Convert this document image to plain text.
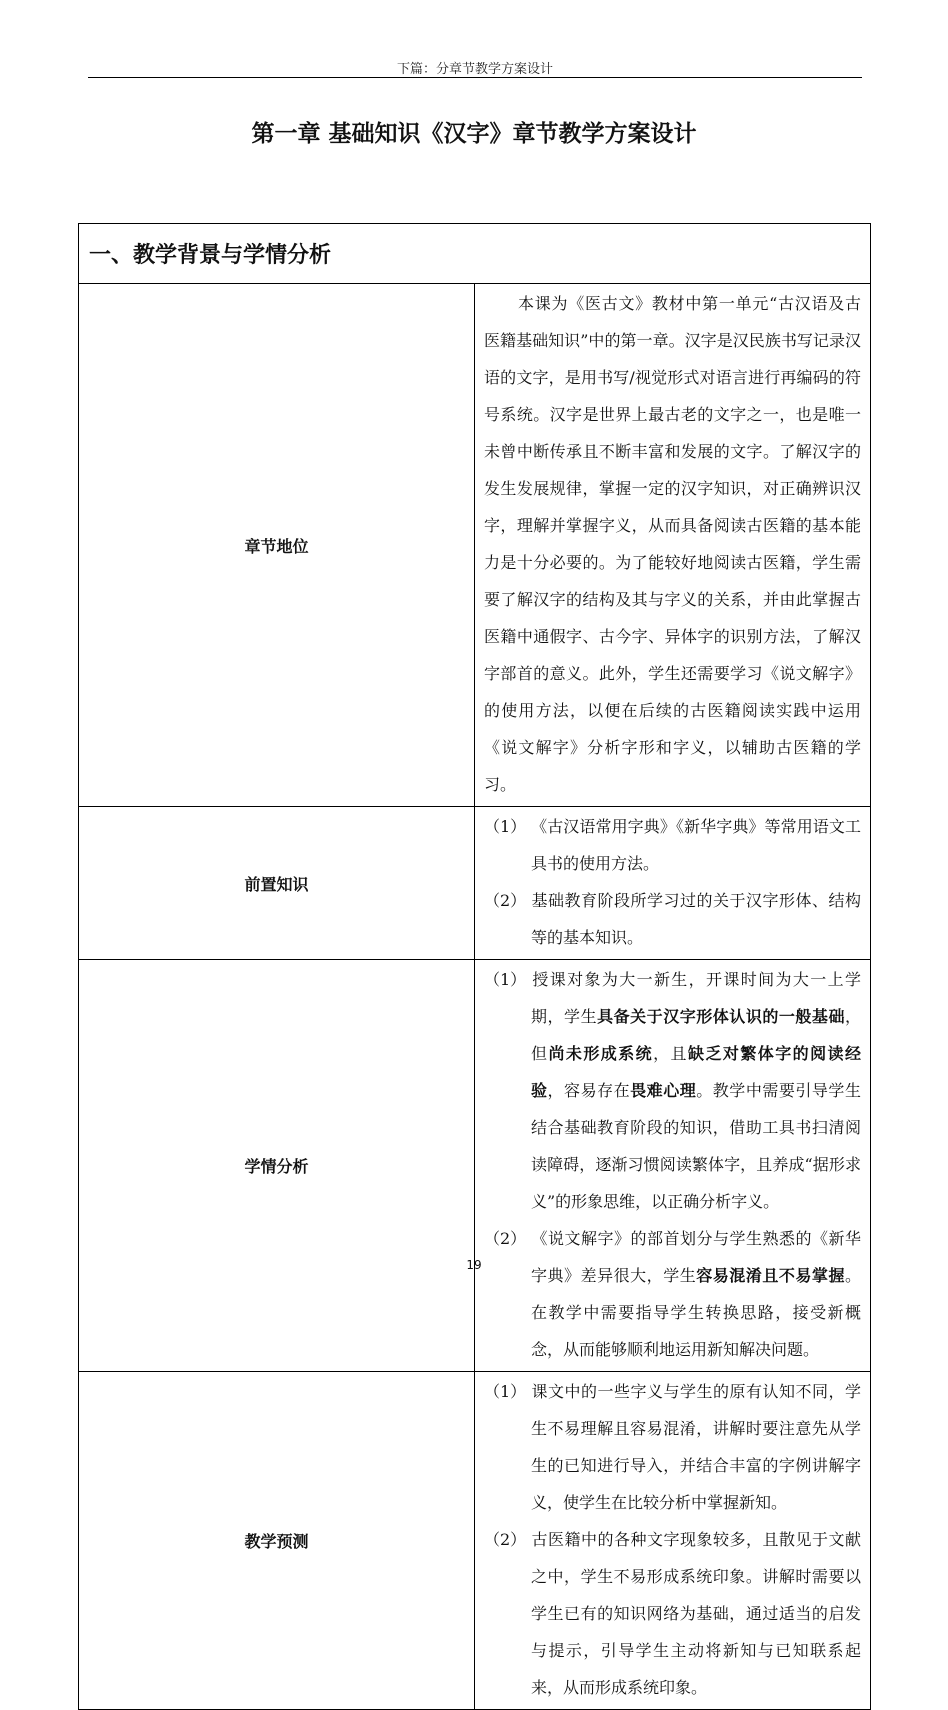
下篇：分章节教学方案设计
第一章 基础知识《汉字》章节教学方案设计
一、教学背景与学情分析	
章节地位	本课为《医古文》教材中第一单元“古汉语及古医籍基础知识”中的第一章。汉字是汉民族书写记录汉语的文字，是用书写/视觉形式对语言进行再编码的符号系统。汉字是世界上最古老的文字之一，也是唯一未曾中断传承且不断丰富和发展的文字。了解汉字的发生发展规律，掌握一定的汉字知识，对正确辨识汉字，理解并掌握字义，从而具备阅读古医籍的基本能力是十分必要的。为了能较好地阅读古医籍，学生需要了解汉字的结构及其与字义的关系，并由此掌握古医籍中通假字、古今字、异体字的识别方法，了解汉字部首的意义。此外，学生还需要学习《说文解字》的使用方法，以便在后续的古医籍阅读实践中运用《说文解字》分析字形和字义，以辅助古医籍的学习。

前置知识	（1） 《古汉语常用字典》《新华字典》等常用语文工具书的使用方法。

（2） 基础教育阶段所学习过的关于汉字形体、结构等的基本知识。

学情分析	（1） 授课对象为大一新生，开课时间为大一上学期，学生具备关于汉字形体认识的一般基础，但尚未形成系统，且缺乏对繁体字的阅读经验，容易存在畏难心理。教学中需要引导学生结合基础教育阶段的知识，借助工具书扫清阅读障碍，逐渐习惯阅读繁体字，且养成“据形求义”的形象思维，以正确分析字义。

（2） 《说文解字》的部首划分与学生熟悉的《新华字典》差异很大，学生容易混淆且不易掌握。在教学中需要指导学生转换思路，接受新概念，从而能够顺利地运用新知解决问题。

教学预测	（1） 课文中的一些字义与学生的原有认知不同，学生不易理解且容易混淆，讲解时要注意先从学生的已知进行导入，并结合丰富的字例讲解字义，使学生在比较分析中掌握新知。

（2） 古医籍中的各种文字现象较多，且散见于文献之中，学生不易形成系统印象。讲解时需要以学生已有的知识网络为基础，通过适当的启发与提示，引导学生主动将新知与已知联系起来，从而形成系统印象。

19
